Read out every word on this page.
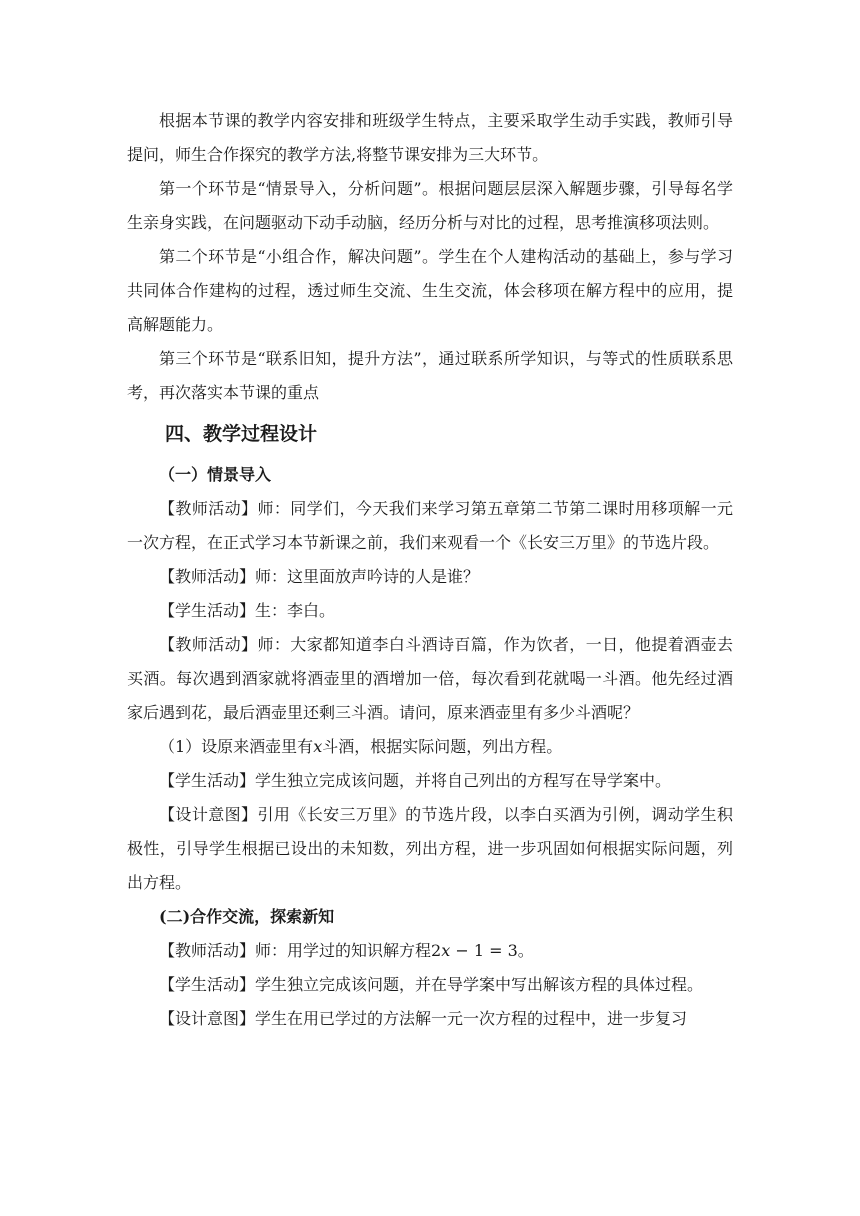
根据本节课的教学内容安排和班级学生特点，主要采取学生动手实践，教师引导提问，师生合作探究的教学方法,将整节课安排为三大环节。

第一个环节是“情景导入，分析问题”。根据问题层层深入解题步骤，引导每名学生亲身实践，在问题驱动下动手动脑，经历分析与对比的过程，思考推演移项法则。

第二个环节是“小组合作，解决问题”。学生在个人建构活动的基础上，参与学习共同体合作建构的过程，透过师生交流、生生交流，体会移项在解方程中的应用，提高解题能力。

第三个环节是“联系旧知，提升方法”，通过联系所学知识，与等式的性质联系思考，再次落实本节课的重点

四、教学过程设计

（一）情景导入

【教师活动】师：同学们，今天我们来学习第五章第二节第二课时用移项解一元一次方程，在正式学习本节新课之前，我们来观看一个《长安三万里》的节选片段。

【教师活动】师：这里面放声吟诗的人是谁？

【学生活动】生：李白。

【教师活动】师：大家都知道李白斗酒诗百篇，作为饮者，一日，他提着酒壶去买酒。每次遇到酒家就将酒壶里的酒增加一倍，每次看到花就喝一斗酒。他先经过酒家后遇到花，最后酒壶里还剩三斗酒。请问，原来酒壶里有多少斗酒呢？

（1）设原来酒壶里有x斗酒，根据实际问题，列出方程。

【学生活动】学生独立完成该问题，并将自己列出的方程写在导学案中。

【设计意图】引用《长安三万里》的节选片段，以李白买酒为引例，调动学生积极性，引导学生根据已设出的未知数，列出方程，进一步巩固如何根据实际问题，列出方程。

(二)合作交流，探索新知

【教师活动】师：用学过的知识解方程2x − 1 = 3。

【学生活动】学生独立完成该问题，并在导学案中写出解该方程的具体过程。

【设计意图】学生在用已学过的方法解一元一次方程的过程中，进一步复习
